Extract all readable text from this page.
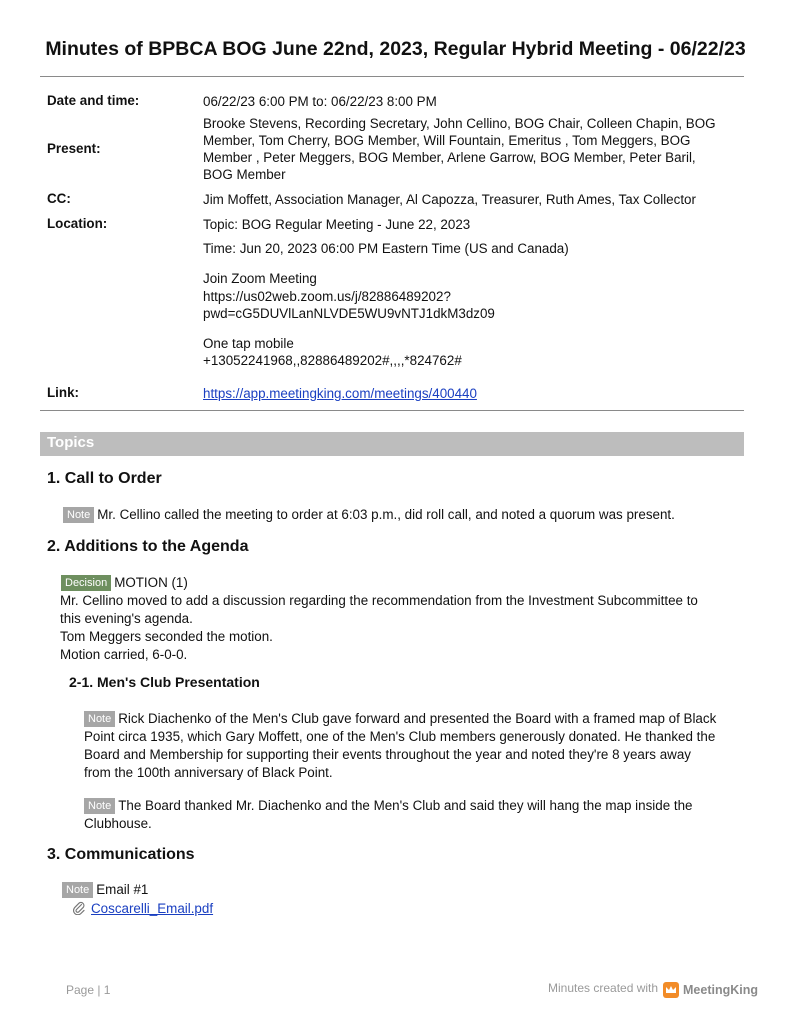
Minutes of BPBCA BOG June 22nd, 2023, Regular Hybrid Meeting - 06/22/23
Date and time:	06/22/23 6:00 PM to: 06/22/23 8:00 PM
Present:

Brooke Stevens, Recording Secretary, John Cellino, BOG Chair, Colleen Chapin, BOG

Member, Tom Cherry, BOG Member, Will Fountain, Emeritus , Tom Meggers, BOG

Member , Peter Meggers, BOG Member, Arlene Garrow, BOG Member, Peter Baril,

BOG Member

CC:	Jim Moffett, Association Manager, Al Capozza, Treasurer, Ruth Ames, Tax Collector
Location:	Topic: BOG Regular Meeting - June 22, 2023

Time: Jun 20, 2023 06:00 PM Eastern Time (US and Canada)

Join Zoom Meeting

https://us02web.zoom.us/j/82886489202?

pwd=cG5DUVlLanNLVDE5WU9vNTJ1dkM3dz09

One tap mobile

+13052241968,,82886489202#,,,,*824762#

Link:	https://app.meetingking.com/meetings/400440
Topics
1. Call to Order
Note Mr. Cellino called the meeting to order at 6:03 p.m., did roll call, and noted a quorum was present.
2. Additions to the Agenda
Decision MOTION (1)
Mr. Cellino moved to add a discussion regarding the recommendation from the Investment Subcommittee to
this evening's agenda.
Tom Meggers seconded the motion.
Motion carried, 6-0-0.
2-1. Men's Club Presentation
Note Rick Diachenko of the Men's Club gave forward and presented the Board with a framed map of Black
Point circa 1935, which Gary Moffett, one of the Men's Club members generously donated. He thanked the
Board and Membership for supporting their events throughout the year and noted they're 8 years away
from the 100th anniversary of Black Point.
Note The Board thanked Mr. Diachenko and the Men's Club and said they will hang the map inside the
Clubhouse.
3. Communications
Note Email #1
Coscarelli_Email.pdf
Page | 1	Minutes created with MeetingKing
